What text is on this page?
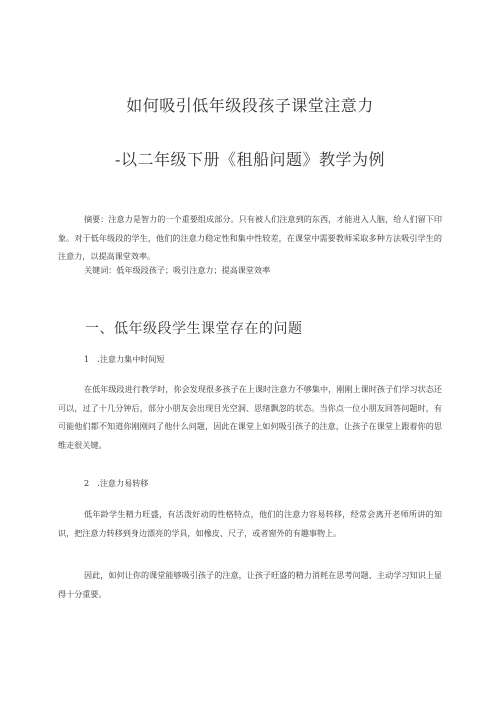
如何吸引低年级段孩子课堂注意力
-以二年级下册《租船问题》教学为例

摘要：注意力是智力的一个重要组成部分。只有被人们注意到的东西，才能进入人脑，给人们留下印象。对于低年级段的学生，他们的注意力稳定性和集中性较差，在课堂中需要教师采取多种方法吸引学生的注意力，以提高课堂效率。

关键词：低年级段孩子；吸引注意力；提高课堂效率

一、低年级段学生课堂存在的问题
1　.注意力集中时间短

在低年级段进行教学时，你会发现很多孩子在上课时注意力不够集中，刚刚上课时孩子们学习状态还可以，过了十几分钟后，部分小朋友会出现目光空洞、思绪飘忽的状态。当你点一位小朋友回答问题时，有可能他们都不知道你刚刚问了他什么问题，因此在课堂上如何吸引孩子的注意，让孩子在课堂上跟着你的思维走很关键。

2　.注意力易转移

低年龄学生精力旺盛，有活泼好动的性格特点，他们的注意力容易转移，经常会离开老师所讲的知识，把注意力转移到身边漂亮的学具，如橡皮、尺子，或者窗外的有趣事物上。

因此，如何让你的课堂能够吸引孩子的注意，让孩子旺盛的精力消耗在思考问题、主动学习知识上显得十分重要。
